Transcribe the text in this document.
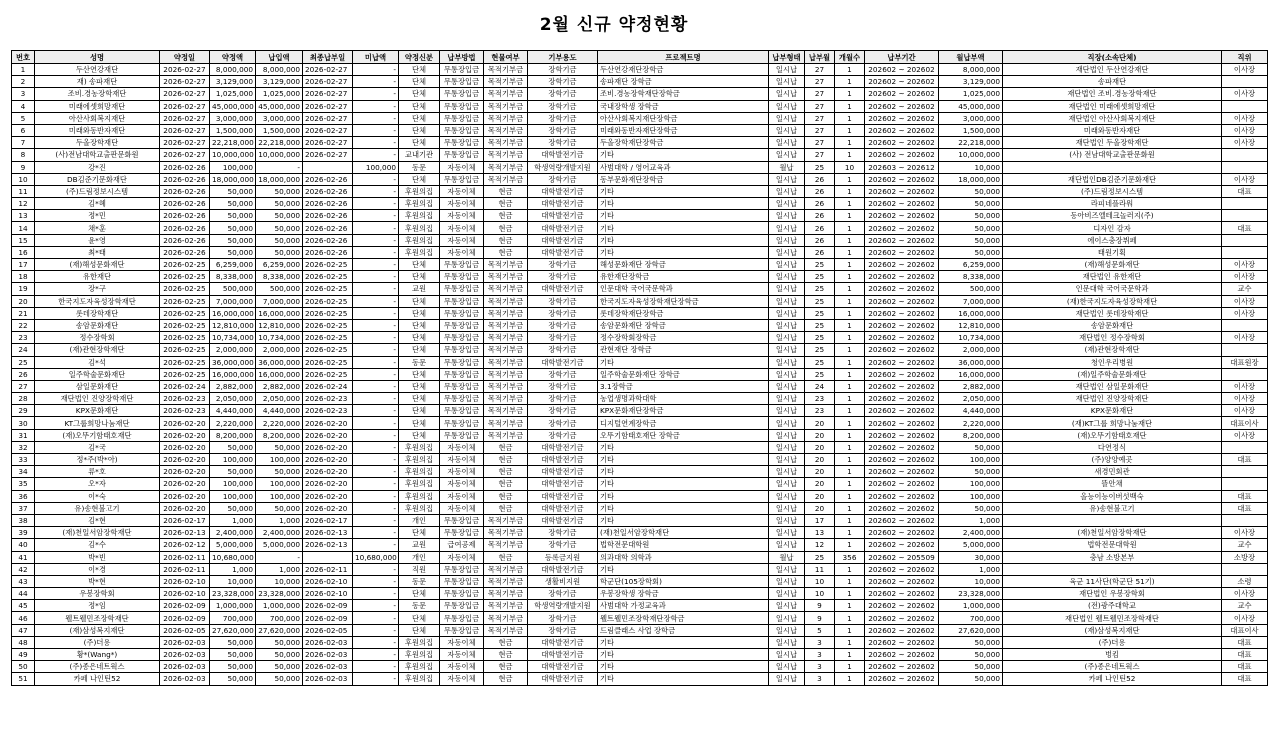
2월 신규 약정현황
번호	성명	약정일	약정액	납입액	최종납부일	미납액	약정신분	납부방법	현물여부	기부용도	프로젝트명	납부형태	납부월	개월수	납부기간	월납부액	직장(소속단체)	직위
1	두산연강재단	2026-02-27	8,000,000	8,000,000	2026-02-27	-	단체	무통장입금	목적기부금	장학기금	두산연강재단장학금	일시납	27	1	202602 ~ 202602	8,000,000	재단법인 두산연강재단	이사장
2	재) 송파재단	2026-02-27	3,129,000	3,129,000	2026-02-27	-	단체	무통장입금	목적기부금	장학기금	송파재단 장학금	일시납	27	1	202602 ~ 202602	3,129,000	송파재단	
3	조비.경농장학재단	2026-02-27	1,025,000	1,025,000	2026-02-27	-	단체	무통장입금	목적기부금	장학기금	조비.경농장학재단장학금	일시납	27	1	202602 ~ 202602	1,025,000	재단법인 조비.경농장학재단	이사장
4	미래에셋희망재단	2026-02-27	45,000,000	45,000,000	2026-02-27	-	단체	무통장입금	목적기부금	장학기금	국내장학생 장학금	일시납	27	1	202602 ~ 202602	45,000,000	재단법인 미래에셋희망재단	
5	아산사회복지재단	2026-02-27	3,000,000	3,000,000	2026-02-27	-	단체	무통장입금	목적기부금	장학기금	아산사회복지재단장학금	일시납	27	1	202602 ~ 202602	3,000,000	재단법인 아산사회복지재단	이사장
6	미래와동반자재단	2026-02-27	1,500,000	1,500,000	2026-02-27	-	단체	무통장입금	목적기부금	장학기금	미래와동반자재단장학금	일시납	27	1	202602 ~ 202602	1,500,000	미래와동반자재단	이사장
7	두올장학재단	2026-02-27	22,218,000	22,218,000	2026-02-27	-	단체	무통장입금	목적기부금	장학기금	두올장학재단장학금	일시납	27	1	202602 ~ 202602	22,218,000	재단법인 두올장학재단	이사장
8	(사)전남대학교출판문화원	2026-02-27	10,000,000	10,000,000	2026-02-27	-	교내기관	무통장입금	목적기부금	대학발전기금	기타	일시납	27	1	202602 ~ 202602	10,000,000	(사) 전남대학교출판문화원	
9	강*진	2026-02-26	100,000	-		100,000	동문	자동이체	목적기부금	학생역량개발지원	사범대학 / 영어교육과	월납	25	10	202603 ~ 202612	10,000		
10	DB김준기문화재단	2026-02-26	18,000,000	18,000,000	2026-02-26	-	단체	무통장입금	목적기부금	장학기금	동부문화재단장학금	일시납	26	1	202602 ~ 202602	18,000,000	재단법인DB김준기문화재단	이사장
11	(주)드림정보시스템	2026-02-26	50,000	50,000	2026-02-26	-	후원의집	자동이체	현금	대학발전기금	기타	일시납	26	1	202602 ~ 202602	50,000	(주)드림정보시스템	대표
12	김*혜	2026-02-26	50,000	50,000	2026-02-26	-	후원의집	자동이체	현금	대학발전기금	기타	일시납	26	1	202602 ~ 202602	50,000	라피네플라워	
13	정*민	2026-02-26	50,000	50,000	2026-02-26	-	후원의집	자동이체	현금	대학발전기금	기타	일시납	26	1	202602 ~ 202602	50,000	동아비즈엘테크놀러지(주)	
14	채*훈	2026-02-26	50,000	50,000	2026-02-26	-	후원의집	자동이체	현금	대학발전기금	기타	일시납	26	1	202602 ~ 202602	50,000	디자인 감자	대표
15	윤*영	2026-02-26	50,000	50,000	2026-02-26	-	후원의집	자동이체	현금	대학발전기금	기타	일시납	26	1	202602 ~ 202602	50,000	에이스충장뷔페	
16	최*태	2026-02-26	50,000	50,000	2026-02-26	-	후원의집	자동이체	현금	대학발전기금	기타	일시납	26	1	202602 ~ 202602	50,000	태원기획	
17	(재)해성문화재단	2026-02-25	6,259,000	6,259,000	2026-02-25	-	단체	무통장입금	목적기부금	장학기금	해성문화재단 장학금	일시납	25	1	202602 ~ 202602	6,259,000	(재)해성문화재단	이사장
18	유한재단	2026-02-25	8,338,000	8,338,000	2026-02-25	-	단체	무통장입금	목적기부금	장학기금	유한재단장학금	일시납	25	1	202602 ~ 202602	8,338,000	재단법인 유한재단	이사장
19	장*구	2026-02-25	500,000	500,000	2026-02-25	-	교원	무통장입금	목적기부금	대학발전기금	인문대학 국어국문학과	일시납	25	1	202602 ~ 202602	500,000	인문대학 국어국문학과	교수
20	한국지도자육성장학재단	2026-02-25	7,000,000	7,000,000	2026-02-25	-	단체	무통장입금	목적기부금	장학기금	한국지도자육성장학재단장학금	일시납	25	1	202602 ~ 202602	7,000,000	(재)한국지도자육성장학재단	이사장
21	롯데장학재단	2026-02-25	16,000,000	16,000,000	2026-02-25	-	단체	무통장입금	목적기부금	장학기금	롯데장학재단장학금	일시납	25	1	202602 ~ 202602	16,000,000	재단법인 롯데장학재단	이사장
22	송암문화재단	2026-02-25	12,810,000	12,810,000	2026-02-25	-	단체	무통장입금	목적기부금	장학기금	송암문화재단 장학금	일시납	25	1	202602 ~ 202602	12,810,000	송암문화재단	
23	정수장학회	2026-02-25	10,734,000	10,734,000	2026-02-25	-	단체	무통장입금	목적기부금	장학기금	정수장학회장학금	일시납	25	1	202602 ~ 202602	10,734,000	재단법인 정수장학회	이사장
24	(재)관현장학재단	2026-02-25	2,000,000	2,000,000	2026-02-25	-	단체	무통장입금	목적기부금	장학기금	관현재단 장학금	일시납	25	1	202602 ~ 202602	2,000,000	(재)관현장학재단	
25	김*석	2026-02-25	36,000,000	36,000,000	2026-02-25	-	동문	무통장입금	목적기부금	대학발전기금	기타	일시납	25	1	202602 ~ 202602	36,000,000	청인우리병원	대표원장
26	일주학술문화재단	2026-02-25	16,000,000	16,000,000	2026-02-25	-	단체	무통장입금	목적기부금	장학기금	일주학술문화재단 장학금	일시납	25	1	202602 ~ 202602	16,000,000	(재)일주학술문화재단	
27	삼일문화재단	2026-02-24	2,882,000	2,882,000	2026-02-24	-	단체	무통장입금	목적기부금	장학기금	3.1장학금	일시납	24	1	202602 ~ 202602	2,882,000	재단법인 삼일문화재단	이사장
28	재단법인 진양장학재단	2026-02-23	2,050,000	2,050,000	2026-02-23	-	단체	무통장입금	목적기부금	장학기금	농업생명과학대학	일시납	23	1	202602 ~ 202602	2,050,000	재단법인 진양장학재단	이사장
29	KPX문화재단	2026-02-23	4,440,000	4,440,000	2026-02-23	-	단체	무통장입금	목적기부금	장학기금	KPX문화재단장학금	일시납	23	1	202602 ~ 202602	4,440,000	KPX문화재단	이사장
30	KT그룹희망나눔재단	2026-02-20	2,220,000	2,220,000	2026-02-20	-	단체	무통장입금	목적기부금	장학기금	디지털연계장학금	일시납	20	1	202602 ~ 202602	2,220,000	(재)KT그룹 희망나눔재단	대표이사
31	(재)오뚜기함태호재단	2026-02-20	8,200,000	8,200,000	2026-02-20	-	단체	무통장입금	목적기부금	장학기금	오뚜기함태호재단 장학금	일시납	20	1	202602 ~ 202602	8,200,000	(재)오뚜기함태호재단	이사장
32	김*국	2026-02-20	50,000	50,000	2026-02-20	-	후원의집	자동이체	현금	대학발전기금	기타	일시납	20	1	202602 ~ 202602	50,000	다연정식	
33	정*주(박*아)	2026-02-20	100,000	100,000	2026-02-20	-	후원의집	자동이체	현금	대학발전기금	기타	일시납	20	1	202602 ~ 202602	100,000	(주)양양예곳	대표
34	류*호	2026-02-20	50,000	50,000	2026-02-20	-	후원의집	자동이체	현금	대학발전기금	기타	일시납	20	1	202602 ~ 202602	50,000	새경민회관	
35	오*자	2026-02-20	100,000	100,000	2026-02-20	-	후원의집	자동이체	현금	대학발전기금	기타	일시납	20	1	202602 ~ 202602	100,000	뜰안채	
36	이*숙	2026-02-20	100,000	100,000	2026-02-20	-	후원의집	자동이체	현금	대학발전기금	기타	일시납	20	1	202602 ~ 202602	100,000	올능이능이버섯백숙	대표
37	유)송현불고기	2026-02-20	50,000	50,000	2026-02-20	-	후원의집	자동이체	현금	대학발전기금	기타	일시납	20	1	202602 ~ 202602	50,000	유)송현불고기	대표
38	김*현	2026-02-17	1,000	1,000	2026-02-17	-	개인	무통장입금	목적기부금	대학발전기금	기타	일시납	17	1	202602 ~ 202602	1,000		
39	(재)천일서암장학재단	2026-02-13	2,400,000	2,400,000	2026-02-13	-	단체	무통장입금	목적기부금	장학기금	(재)천일서암장학재단	일시납	13	1	202602 ~ 202602	2,400,000	(재)천일서암장학재단	이사장
40	김*수	2026-02-12	5,000,000	5,000,000	2026-02-13	-	교원	급여공제	목적기부금	장학기금	법학전문대학원	일시납	12	1	202602 ~ 202602	5,000,000	법학전문대학원	교수
41	박*빈	2026-02-11	10,680,000	-		10,680,000	개인	자동이체	현금	등록금지원	의과대학 의학과	월납	25	356	202602 ~ 205509	30,000	충남 소방본부	소방장
42	이*경	2026-02-11	1,000	1,000	2026-02-11	-	직원	무통장입금	목적기부금	대학발전기금	기타	일시납	11	1	202602 ~ 202602	1,000		
43	박*현	2026-02-10	10,000	10,000	2026-02-10	-	동문	무통장입금	목적기부금	생활비지원	학군단(105장학회)	일시납	10	1	202602 ~ 202602	10,000	육군 11사단(학군단 51기)	소령
44	우봉장학회	2026-02-10	23,328,000	23,328,000	2026-02-10	-	단체	무통장입금	목적기부금	장학기금	우봉장학생 장학금	일시납	10	1	202602 ~ 202602	23,328,000	재단법인 우봉장학회	이사장
45	정*임	2026-02-09	1,000,000	1,000,000	2026-02-09	-	동문	무통장입금	목적기부금	학생역량개발지원	사범대학 가정교육과	일시납	9	1	202602 ~ 202602	1,000,000	(전)광주대학교	교수
46	웰트웰민조장학재단	2026-02-09	700,000	700,000	2026-02-09	-	단체	무통장입금	목적기부금	장학기금	웰트웰민조장학재단장학금	일시납	9	1	202602 ~ 202602	700,000	재단법인 웰트웰민조장학재단	이사장
47	(재)삼성복지재단	2026-02-05	27,620,000	27,620,000	2026-02-05	-	단체	무통장입금	목적기부금	장학기금	드림클래스 사업 장학금	일시납	5	1	202602 ~ 202602	27,620,000	(재)삼성복지재단	대표이사
48	(주)더용	2026-02-03	50,000	50,000	2026-02-03	-	후원의집	자동이체	현금	대학발전기금	기타	일시납	3	1	202602 ~ 202602	50,000	(주)더용	대표
49	황*(Wang*)	2026-02-03	50,000	50,000	2026-02-03	-	후원의집	자동이체	현금	대학발전기금	기타	일시납	3	1	202602 ~ 202602	50,000	벙킴	대표
50	(주)종은네트웍스	2026-02-03	50,000	50,000	2026-02-03	-	후원의집	자동이체	현금	대학발전기금	기타	일시납	3	1	202602 ~ 202602	50,000	(주)종은네트웍스	대표
51	카페 나인틴52	2026-02-03	50,000	50,000	2026-02-03	-	후원의집	자동이체	현금	대학발전기금	기타	일시납	3	1	202602 ~ 202602	50,000	카페 나인틴52	대표
